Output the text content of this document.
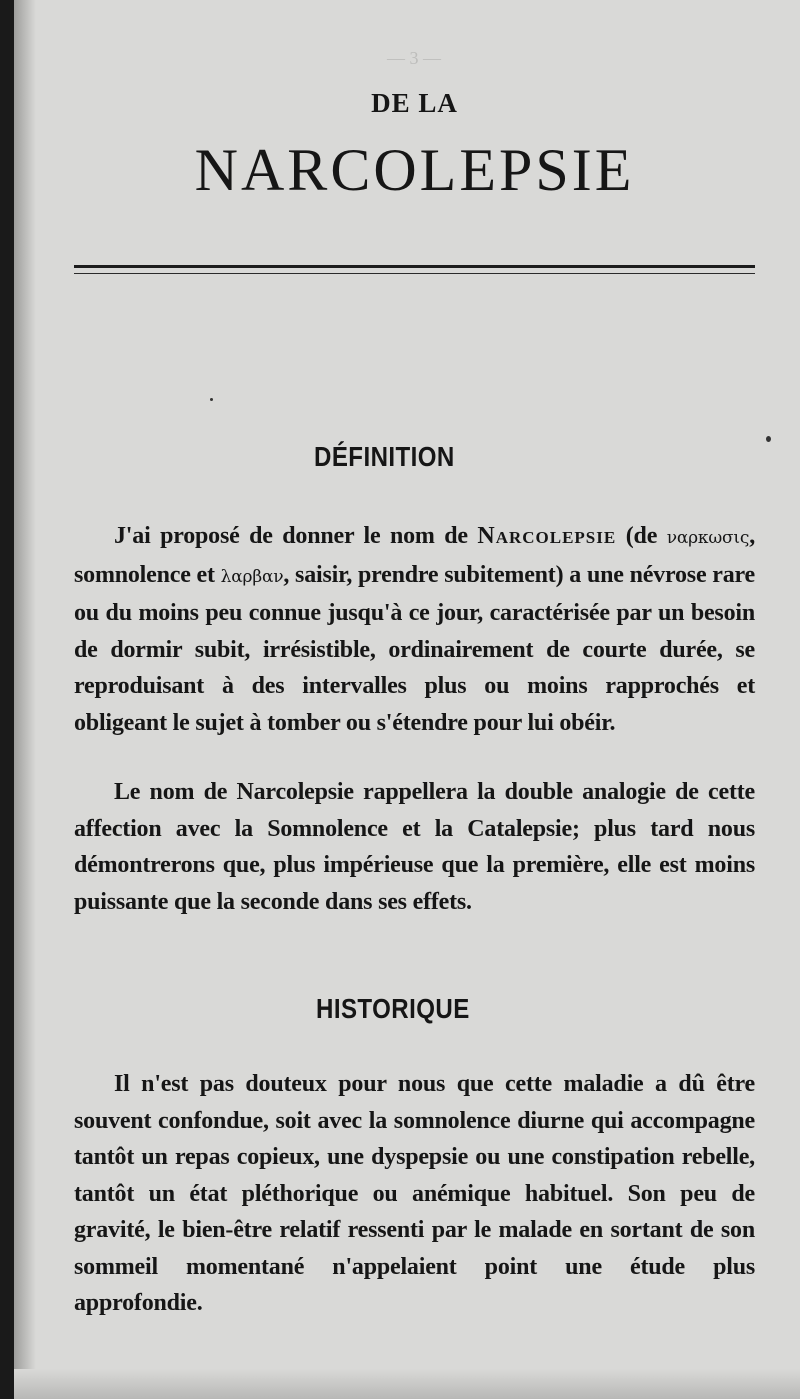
— 3 —

DE LA
NARCOLEPSIE
DÉFINITION

J'ai proposé de donner le nom de Narcolepsie (de ναρκωσις, somnolence et λαρβαν, saisir, prendre subitement) a une névrose rare ou du moins peu connue jusqu'à ce jour, caractérisée par un besoin de dormir subit, irrésistible, ordinairement de courte durée, se reproduisant à des intervalles plus ou moins rapprochés et obligeant le sujet à tomber ou s'étendre pour lui obéir.

Le nom de Narcolepsie rappellera la double analogie de cette affection avec la Somnolence et la Catalepsie; plus tard nous démontrerons que, plus impérieuse que la première, elle est moins puissante que la seconde dans ses effets.

HISTORIQUE

Il n'est pas douteux pour nous que cette maladie a dû être souvent confondue, soit avec la somnolence diurne qui accompagne tantôt un repas copieux, une dyspepsie ou une constipation rebelle, tantôt un état pléthorique ou anémique habituel. Son peu de gravité, le bien-être relatif ressenti par le malade en sortant de son sommeil momentané n'appelaient point une étude plus approfondie.
